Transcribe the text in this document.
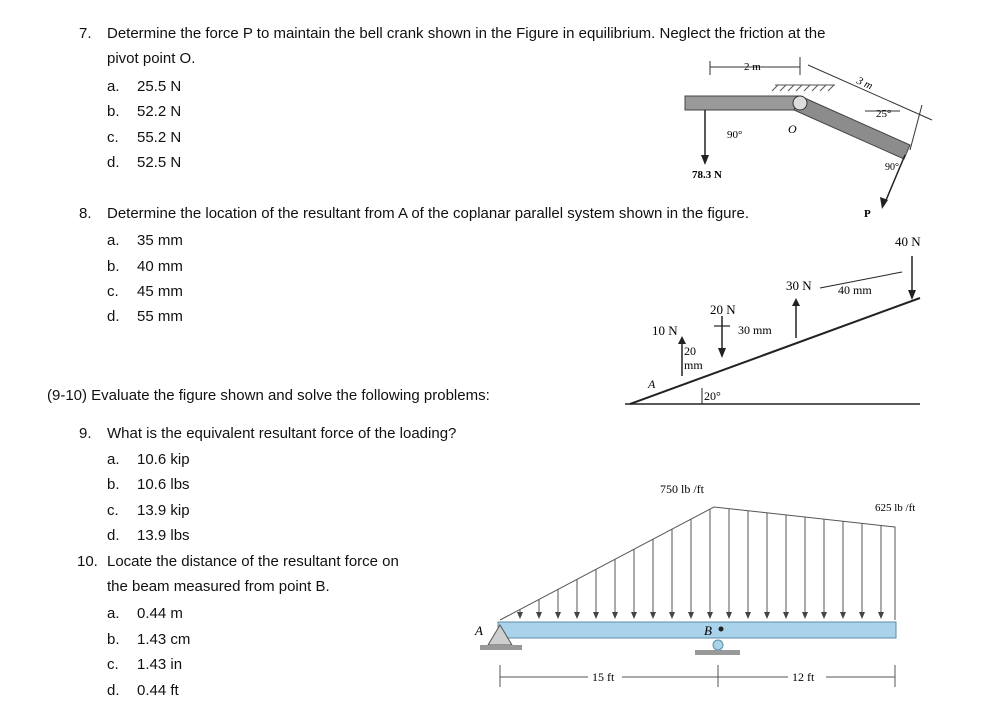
7. Determine the force P to maintain the bell crank shown in the Figure in equilibrium. Neglect the friction at the
pivot point O.
a. 25.5 N
b. 52.2 N
c. 55.2 N
d. 52.5 N
2 m
3 m
25°
90°	O
78.3 N
90°
P
8. Determine the location of the resultant from A of the coplanar parallel system shown in the figure.
a. 35 mm
b. 40 mm
c. 45 mm
d. 55 mm
A
20°
10 N
20
mm
20 N
30 mm
30 N 40 mm
40 N
(9-10) Evaluate the figure shown and solve the following problems:
9. What is the equivalent resultant force of the loading?
a. 10.6 kip
b. 10.6 lbs
c. 13.9 kip
d. 13.9 lbs
10. Locate the distance of the resultant force on
the beam measured from point B.
a. 0.44 m
b. 1.43 cm
c. 1.43 in
d. 0.44 ft
750 lb /ft
625 lb /ft
A	B
15 ft	12 ft
